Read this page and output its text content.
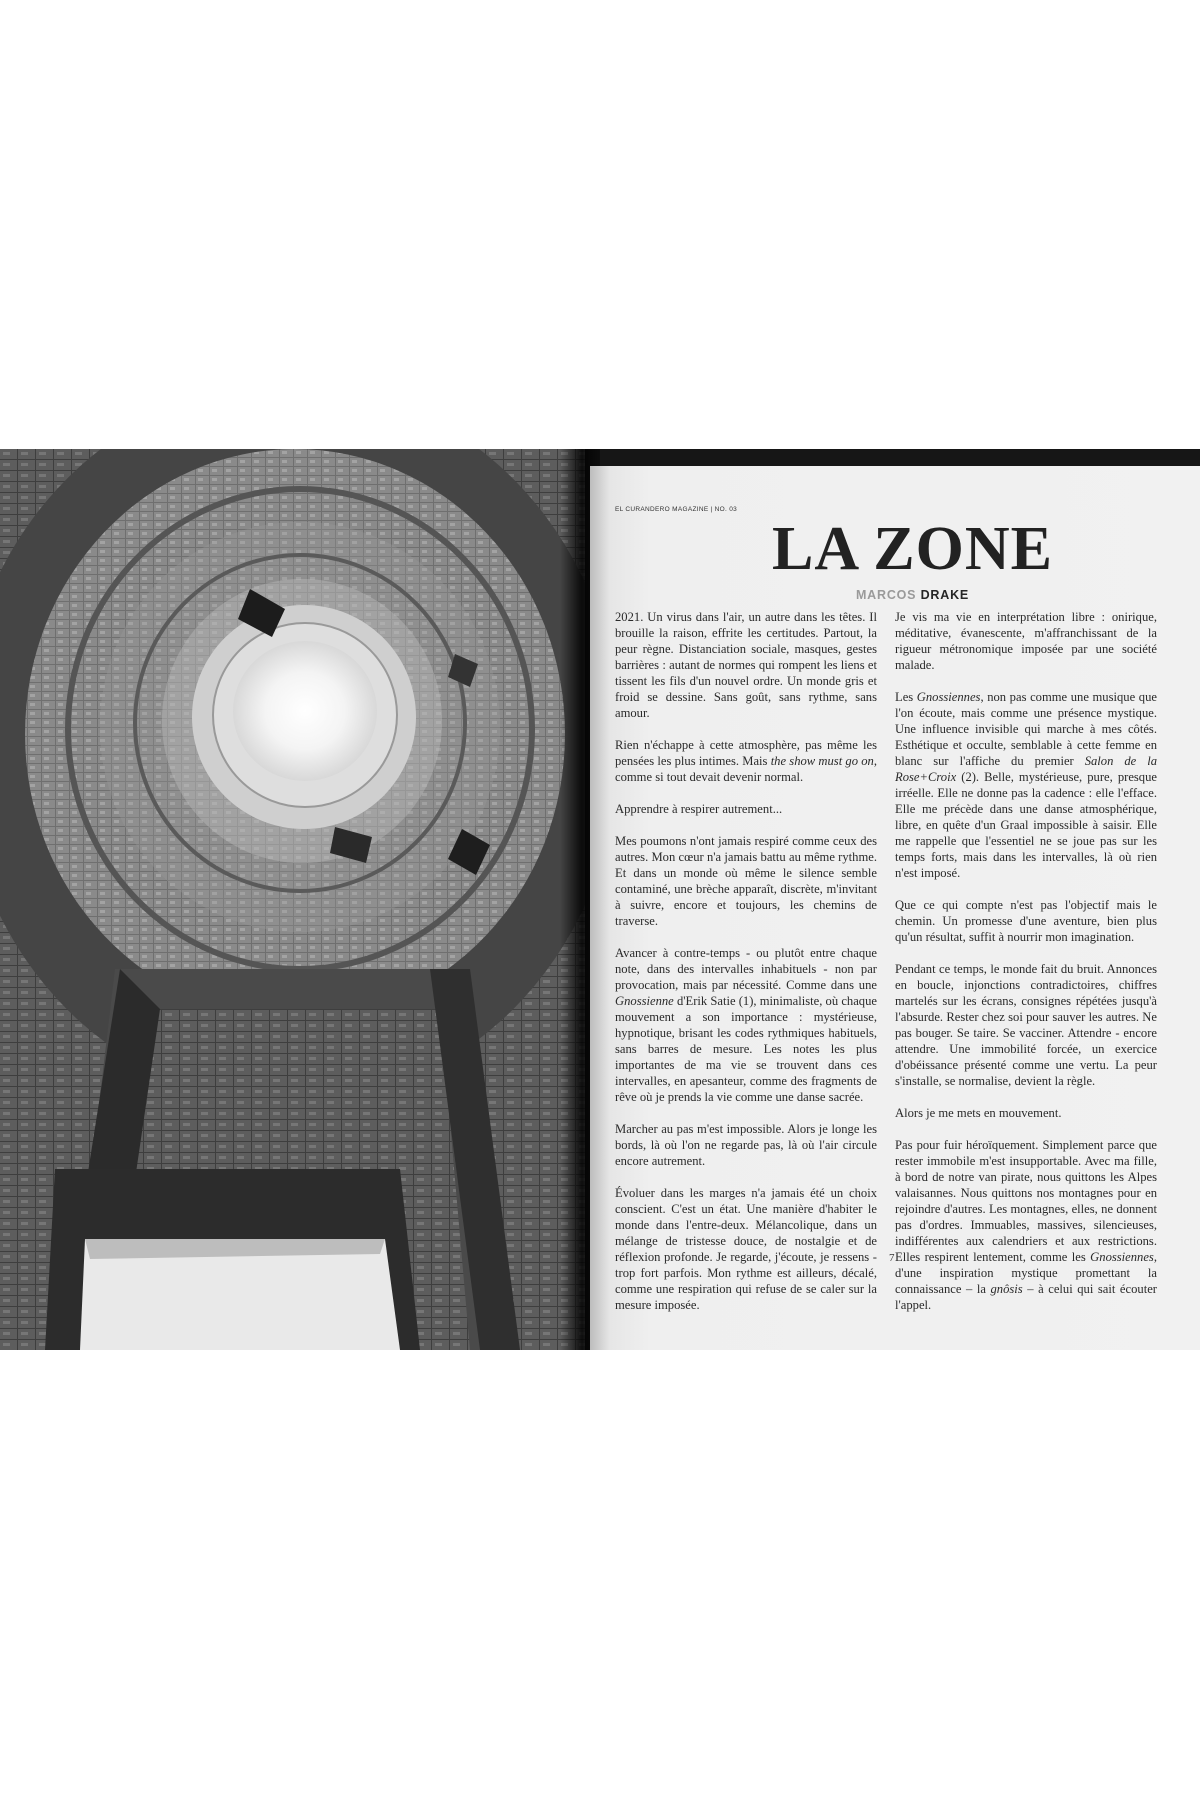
EL CURANDERO MAGAZINE | NO. 03
LA ZONE
MARCOS DRAKE

2021. Un virus dans l'air, un autre dans les têtes. Il brouille la raison, effrite les certitudes. Partout, la peur règne. Distanciation sociale, masques, gestes barrières : autant de normes qui rompent les liens et tissent les fils d'un nouvel ordre. Un monde gris et froid se dessine. Sans goût, sans rythme, sans amour.

Rien n'échappe à cette atmosphère, pas même les pensées les plus intimes. Mais the show must go on, comme si tout devait devenir normal.

Apprendre à respirer autrement...

Mes poumons n'ont jamais respiré comme ceux des autres. Mon cœur n'a jamais battu au même rythme. Et dans un monde où même le silence semble contaminé, une brèche apparaît, discrète, m'invitant à suivre, encore et toujours, les chemins de traverse.

Avancer à contre-temps - ou plutôt entre chaque note, dans des intervalles inhabituels - non par provocation, mais par nécessité. Comme dans une Gnossienne d'Erik Satie (1), minimaliste, où chaque mouvement a son importance : mystérieuse, hypnotique, brisant les codes rythmiques habituels, sans barres de mesure. Les notes les plus importantes de ma vie se trouvent dans ces intervalles, en apesanteur, comme des fragments de rêve où je prends la vie comme une danse sacrée.

Marcher au pas m'est impossible. Alors je longe les bords, là où l'on ne regarde pas, là où l'air circule encore autrement.

Évoluer dans les marges n'a jamais été un choix conscient. C'est un état. Une manière d'habiter le monde dans l'entre-deux. Mélancolique, dans un mélange de tristesse douce, de nostalgie et de réflexion profonde. Je regarde, j'écoute, je ressens - trop fort parfois. Mon rythme est ailleurs, décalé, comme une respiration qui refuse de se caler sur la mesure imposée.

Je vis ma vie en interprétation libre : onirique, méditative, évanescente, m'affranchissant de la rigueur métronomique imposée par une société malade.

Les Gnossiennes, non pas comme une musique que l'on écoute, mais comme une présence mystique. Une influence invisible qui marche à mes côtés. Esthétique et occulte, semblable à cette femme en blanc sur l'affiche du premier Salon de la Rose+Croix (2). Belle, mystérieuse, pure, presque irréelle. Elle ne donne pas la cadence : elle l'efface. Elle me précède dans une danse atmosphérique, libre, en quête d'un Graal impossible à saisir. Elle me rappelle que l'essentiel ne se joue pas sur les temps forts, mais dans les intervalles, là où rien n'est imposé.

Que ce qui compte n'est pas l'objectif mais le chemin. Un promesse d'une aventure, bien plus qu'un résultat, suffit à nourrir mon imagination.

Pendant ce temps, le monde fait du bruit. Annonces en boucle, injonctions contradictoires, chiffres martelés sur les écrans, consignes répétées jusqu'à l'absurde. Rester chez soi pour sauver les autres. Ne pas bouger. Se taire. Se vacciner. Attendre - encore attendre. Une immobilité forcée, un exercice d'obéissance présenté comme une vertu. La peur s'installe, se normalise, devient la règle.

Alors je me mets en mouvement.

Pas pour fuir héroïquement. Simplement parce que rester immobile m'est insupportable. Avec ma fille, à bord de notre van pirate, nous quittons les Alpes valaisannes. Nous quittons nos montagnes pour en rejoindre d'autres. Les montagnes, elles, ne donnent pas d'ordres. Immuables, massives, silencieuses, indifférentes aux calendriers et aux restrictions. Elles respirent lentement, comme les Gnossiennes, d'une inspiration mystique promettant la connaissance – la gnôsis – à celui qui sait écouter l'appel.

7
